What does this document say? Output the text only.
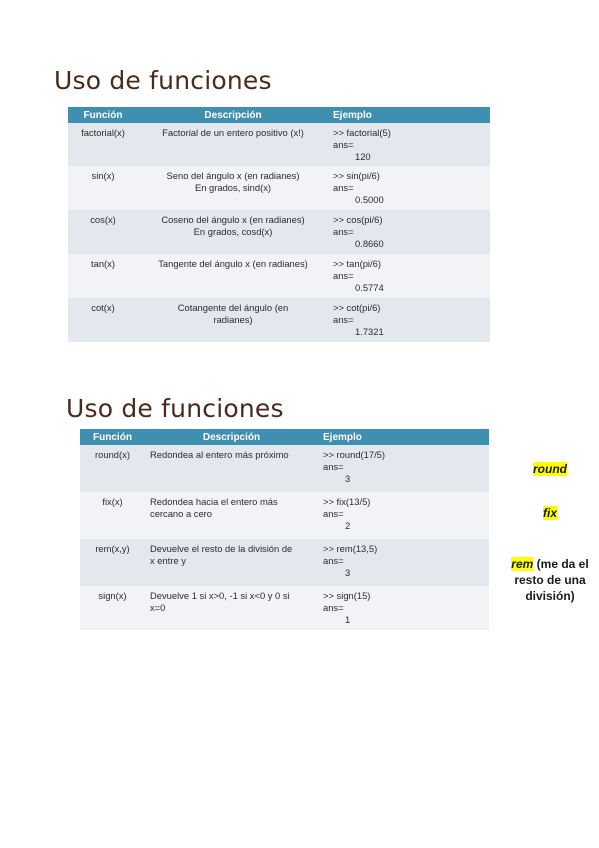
Uso de funciones
Función	Descripción	Ejemplo
factorial(x)	Factorial de un entero positivo (x!)	>> factorial(5)
ans=
120

sin(x)	Seno del ángulo x (en radianes)
En grados, sind(x)	>> sin(pi/6)
ans=
0.5000

cos(x)	Coseno del ángulo x (en radianes)
En grados, cosd(x)	>> cos(pi/6)
ans=
0.8660

tan(x)	Tangente del ángulo x (en radianes)	>> tan(pi/6)
ans=
0.5774

cot(x)	Cotangente del ángulo (en
radianes)	>> cot(pi/6)
ans=
1.7321
Uso de funciones
Función	Descripción	Ejemplo
round(x)	Redondea al entero más próximo	>> round(17/5)
ans=
3

fix(x)	Redondea hacia el entero más
cercano a cero	>> fix(13/5)
ans=
2

rem(x,y)	Devuelve el resto de la división de
x entre y	>> rem(13,5)
ans=
3

sign(x)	Devuelve 1 si x>0, -1 si x<0 y 0 si
x=0	>> sign(15)
ans=
1
round
fix
rem (me da el resto de una división)
